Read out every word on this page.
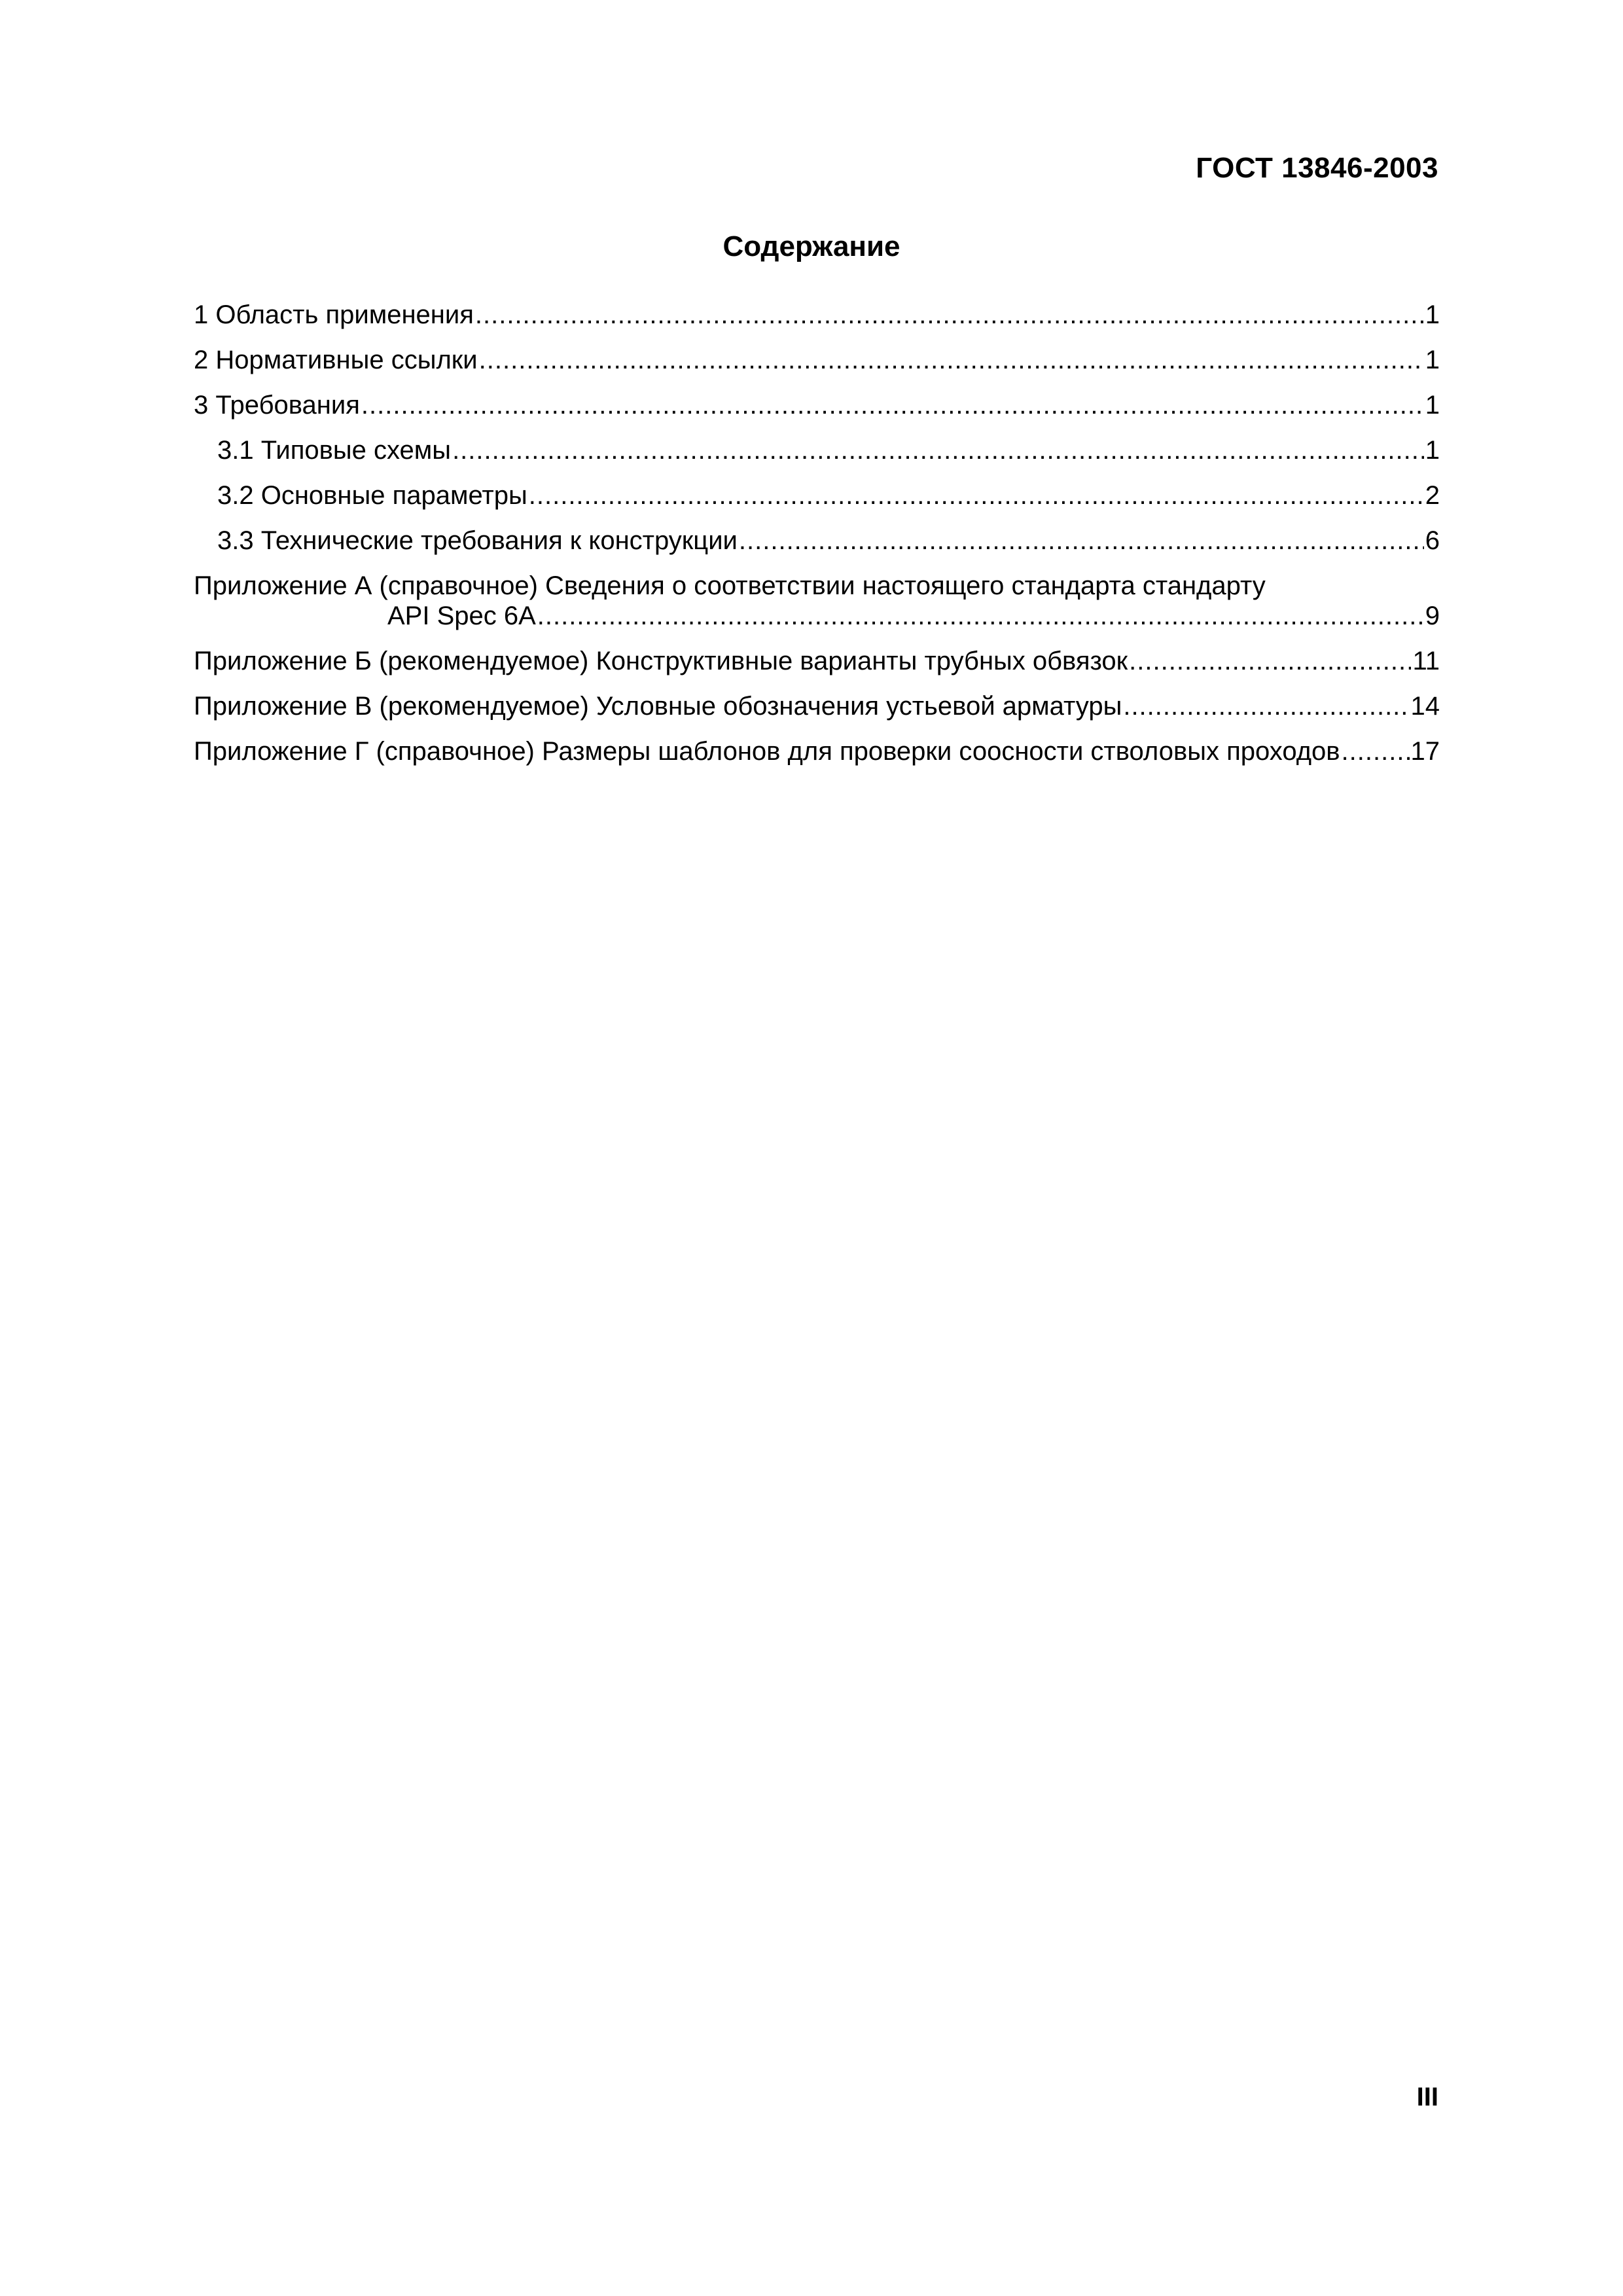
ГОСТ 13846-2003
Содержание
1 Область применения .....	1
2 Нормативные ссылки .....	1
3 Требования .....	1
3.1 Типовые схемы .....	1
3.2 Основные параметры .....	2
3.3 Технические требования к конструкции .....	6
Приложение А (справочное) Сведения о соответствии настоящего стандарта стандарту
API Spec 6A .....	9
Приложение Б (рекомендуемое) Конструктивные варианты трубных обвязок .....	11
Приложение В (рекомендуемое) Условные обозначения устьевой арматуры .....	14
Приложение Г (справочное) Размеры шаблонов для проверки соосности стволовых проходов .....	17
III
